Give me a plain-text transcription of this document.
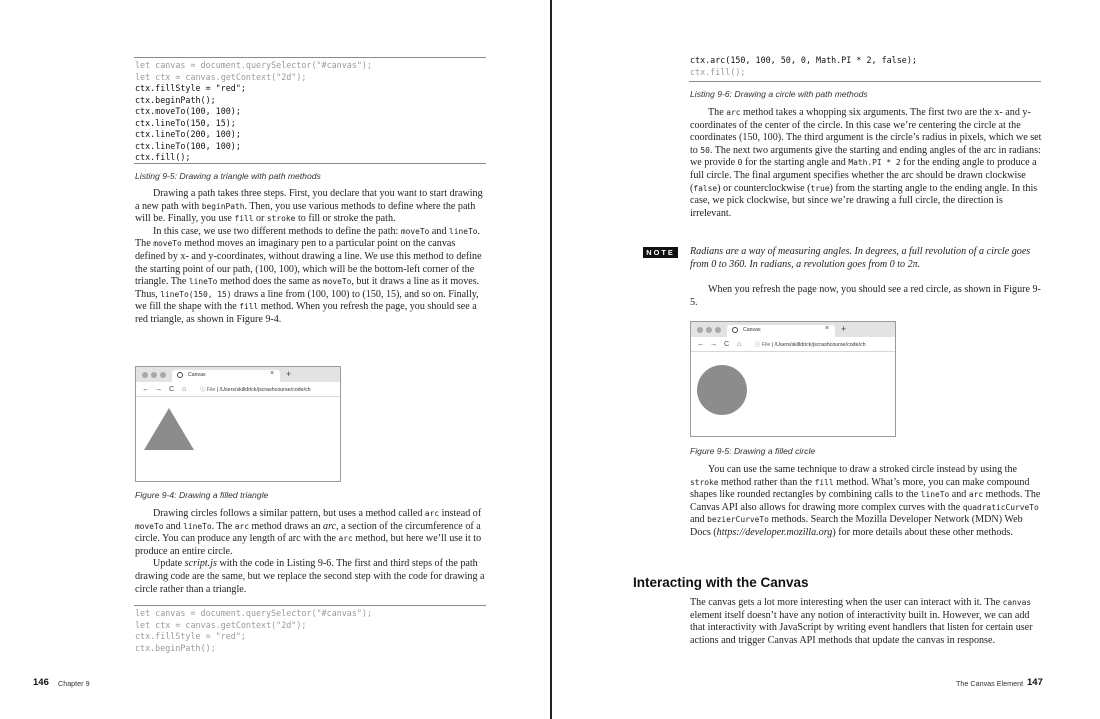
let canvas = document.querySelector("#canvas");
let ctx = canvas.getContext("2d");
ctx.fillStyle = "red";
ctx.beginPath();
ctx.moveTo(100, 100);
ctx.lineTo(150, 15);
ctx.lineTo(200, 100);
ctx.lineTo(100, 100);
ctx.fill();
Listing 9-5: Drawing a triangle with path methods

Drawing a path takes three steps. First, you declare that you want to start drawing a new path with beginPath. Then, you use various methods to define where the path will be. Finally, you use fill or stroke to fill or stroke the path.

In this case, we use two different methods to define the path: moveTo and lineTo. The moveTo method moves an imaginary pen to a particular point on the canvas defined by x- and y-coordinates, without drawing a line. We use this method to define the starting point of our path, (100, 100), which will be the bottom-left corner of the triangle. The lineTo method does the same as moveTo, but it draws a line as it moves. Thus, lineTo(150, 15) draws a line from (100, 100) to (150, 15), and so on. Finally, we fill the shape with the fill method. When you refresh the page, you should see a red triangle, as shown in Figure 9-4.

Canvas	× +
← → C ⌂	ⓘ File | /Users/skilldrick/jscrashcourse/code/ch
Figure 9-4: Drawing a filled triangle

Drawing circles follows a similar pattern, but uses a method called arc instead of moveTo and lineTo. The arc method draws an arc, a section of the circumference of a circle. You can produce any length of arc with the arc method, but here we’ll use it to produce an entire circle.

Update script.js with the code in Listing 9-6. The first and third steps of the path drawing code are the same, but we replace the second step with the code for drawing a circle rather than a triangle.

let canvas = document.querySelector("#canvas");
let ctx = canvas.getContext("2d");
ctx.fillStyle = "red";
ctx.beginPath();
146 Chapter 9
ctx.arc(150, 100, 50, 0, Math.PI * 2, false);
ctx.fill();
Listing 9-6: Drawing a circle with path methods

The arc method takes a whopping six arguments. The first two are the x- and y-coordinates of the center of the circle. In this case we’re centering the circle at the coordinates (150, 100). The third argument is the circle’s radius in pixels, which we set to 50. The next two arguments give the starting and ending angles of the arc in radians: we provide 0 for the starting angle and Math.PI * 2 for the ending angle to produce a full circle. The final argument specifies whether the arc should be drawn clockwise (false) or counterclockwise (true) from the starting angle to the ending angle. In this case, we pick clockwise, but since we’re drawing a full circle, the direction is irrelevant.

NOTE	Radians are a way of measuring angles. In degrees, a full revolution of a circle goes from 0 to 360. In radians, a revolution goes from 0 to 2π.

When you refresh the page now, you should see a red circle, as shown in Figure 9-5.

Canvas	× +
← → C ⌂	ⓘ File | /Users/skilldrick/jscrashcourse/code/ch
Figure 9-5: Drawing a filled circle

You can use the same technique to draw a stroked circle instead by using the stroke method rather than the fill method. What’s more, you can make compound shapes like rounded rectangles by combining calls to the lineTo and arc methods. The Canvas API also allows for drawing more complex curves with the quadraticCurveTo and bezierCurveTo methods. Search the Mozilla Developer Network (MDN) Web Docs (https://developer.mozilla.org) for more details about these other methods.

Interacting with the Canvas

The canvas gets a lot more interesting when the user can interact with it. The canvas element itself doesn’t have any notion of interactivity built in. However, we can add that interactivity with JavaScript by writing event handlers that listen for certain user actions and trigger Canvas API methods that update the canvas in response.

The Canvas Element 147
